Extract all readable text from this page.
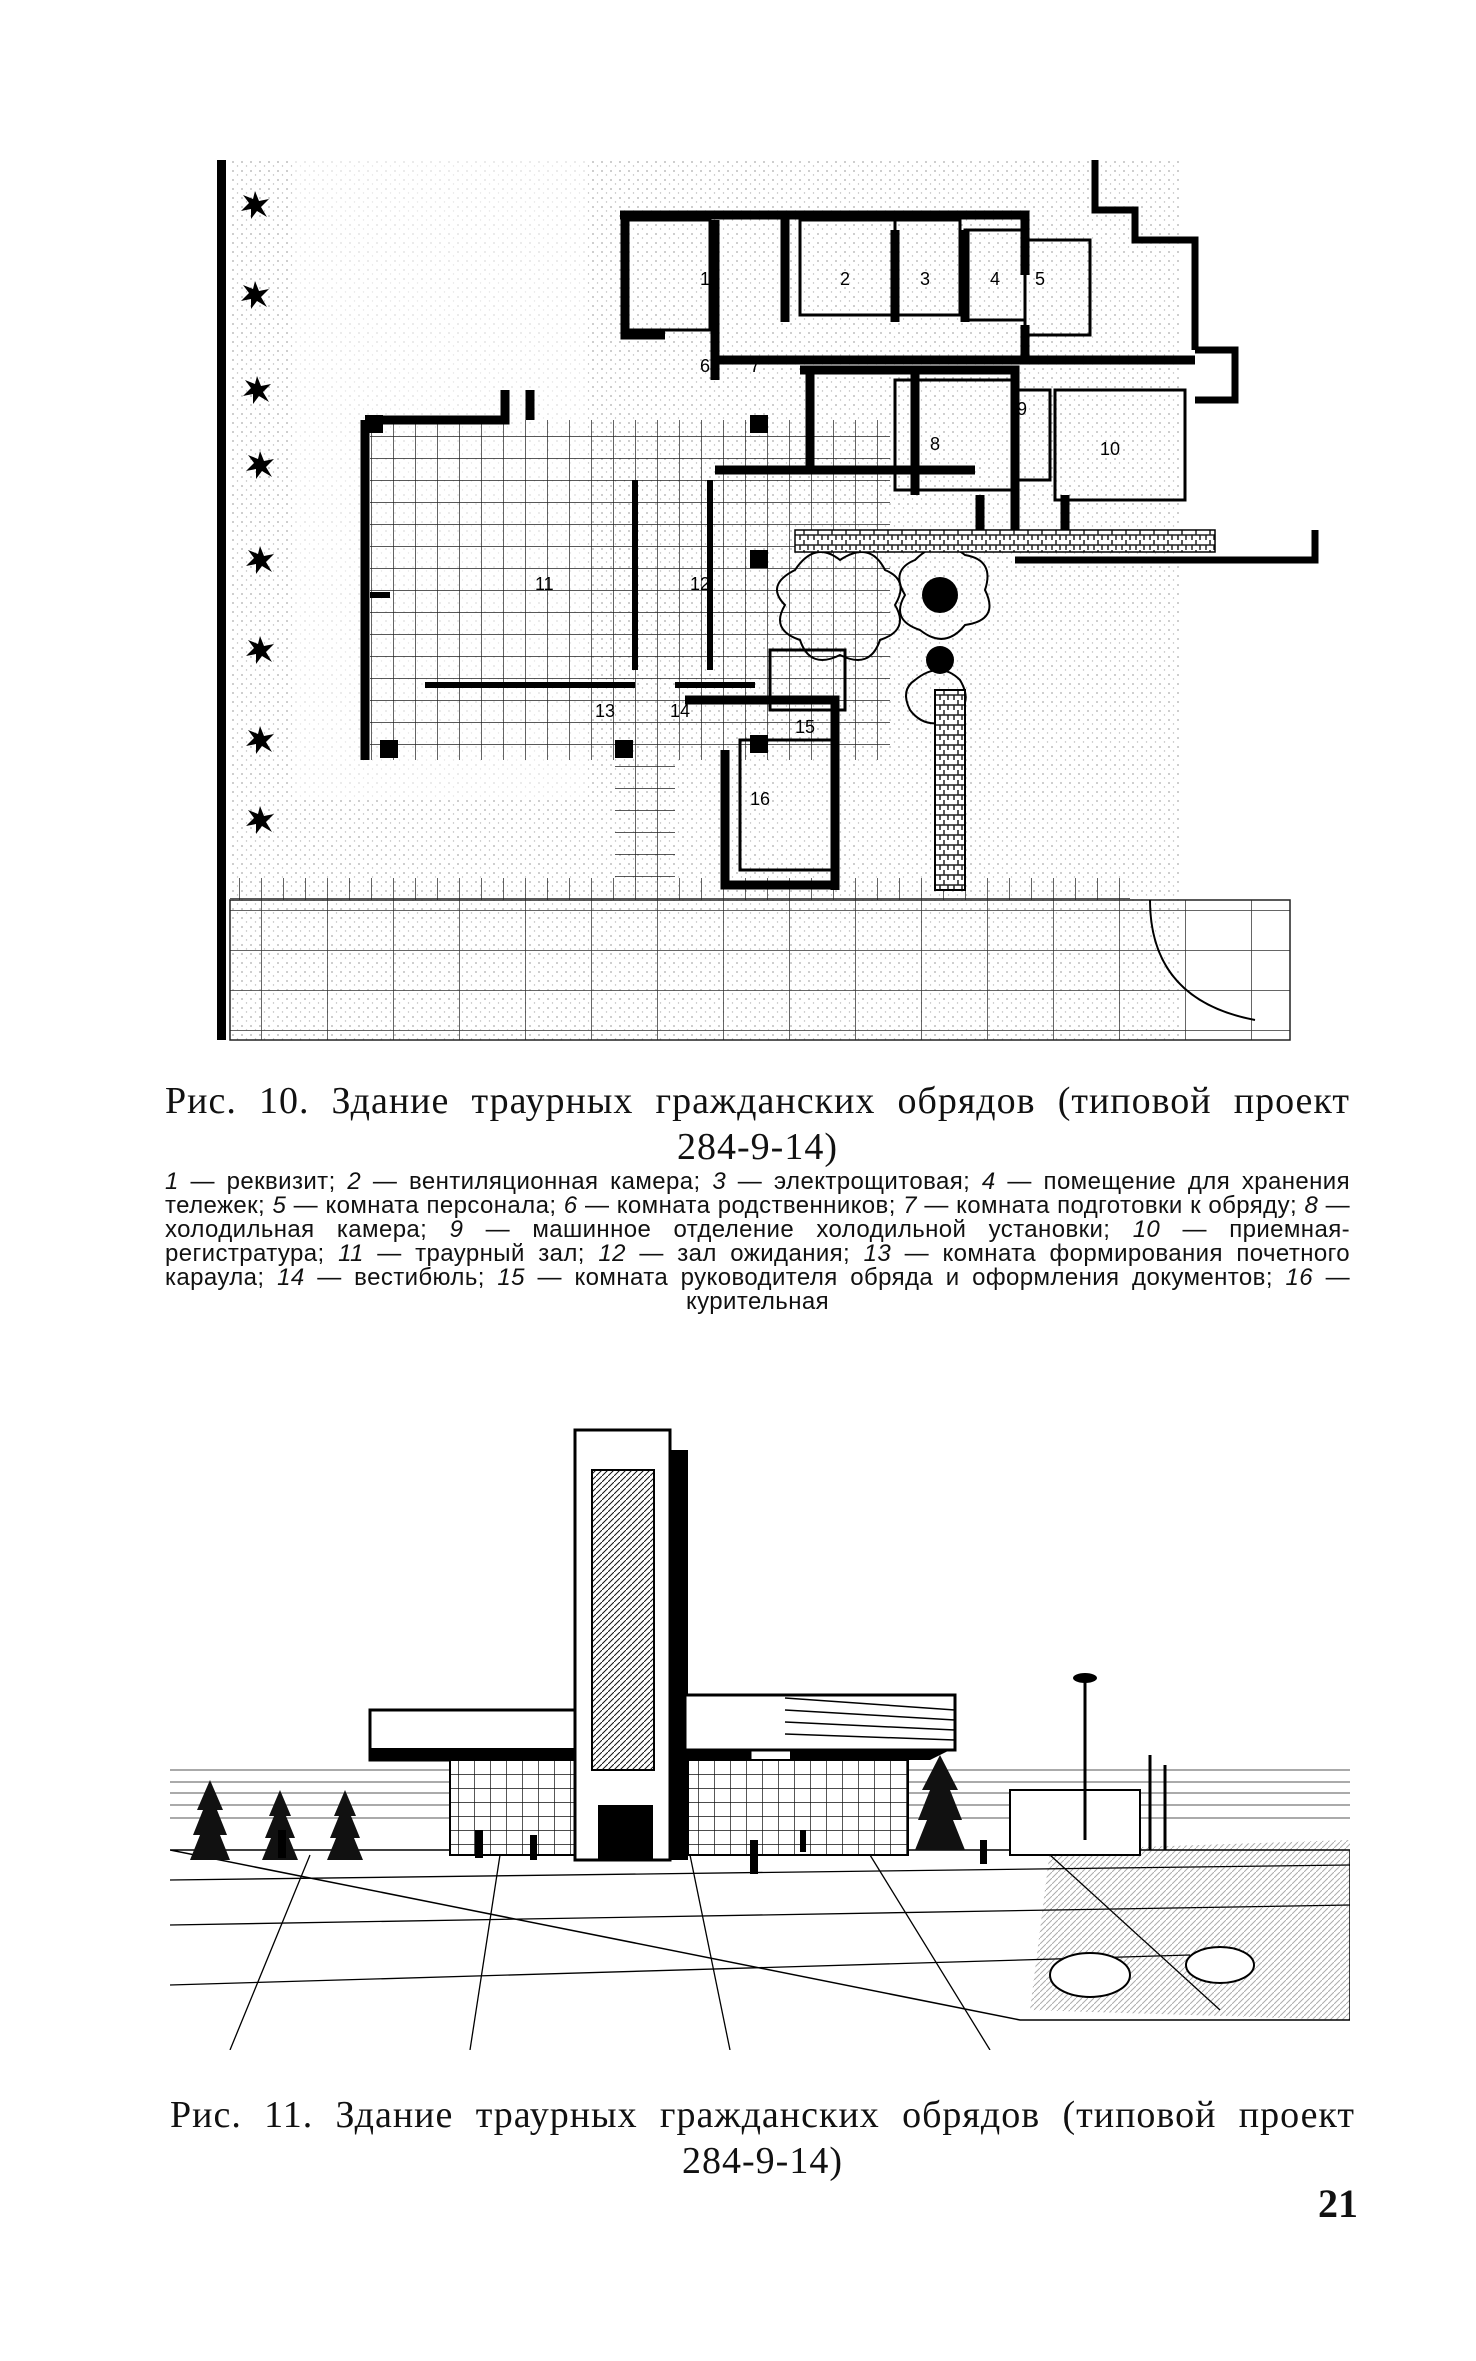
1	2	3	4 5
6 7
8
9
10
11	12
13	14
15
16
Рис. 10. Здание траурных гражданских обрядов (типовой проект
284-9-14)
1 — реквизит; 2 — вентиляционная камера; 3 — электрощитовая; 4 — помещение для хранения тележек; 5 — комната персонала; 6 — комната родственников; 7 — комната подготовки к обряду; 8 — холодильная камера; 9 — машинное отделение холодильной установки; 10 — приемная-регистратура; 11 — траурный зал; 12 — зал ожидания; 13 — комната формирования почетного караула; 14 — вестибюль; 15 — комната руководителя обряда и оформления документов; 16 — курительная
Рис. 11. Здание траурных гражданских обрядов (типовой проект
284-9-14)
21
